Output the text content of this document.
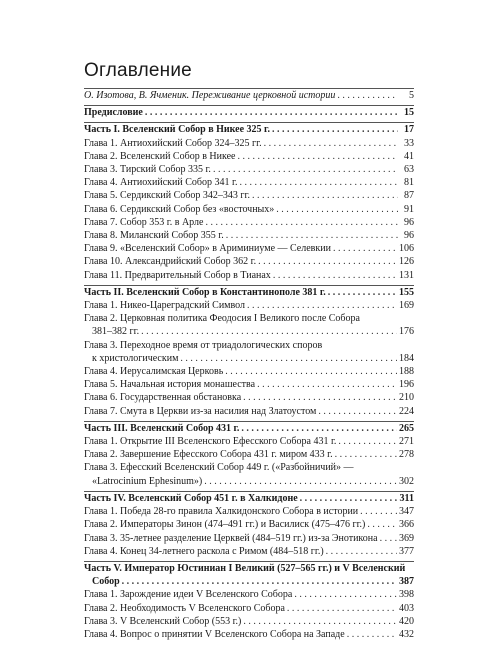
Оглавление
О. Изотова, В. Ячменик. Переживание церковной истории . . .	5
Предисловие . . .	15
Часть I. Вселенский Собор в Никее 325 г. . . .	17
Глава 1. Антиохийский Собор 324–325 гг. . . .	33
Глава 2. Вселенский Собор в Никее . . .	41
Глава 3. Тирский Собор 335 г. . . .	63
Глава 4. Антиохийский Собор 341 г. . . .	81
Глава 5. Сердикский Собор 342–343 гг. . . .	87
Глава 6. Сердикский Собор без «восточных» . . .	91
Глава 7. Собор 353 г. в Арле . . .	96
Глава 8. Миланский Собор 355 г. . . .	96
Глава 9. «Вселенский Собор» в Ариминиуме — Селевкии . . .	106
Глава 10. Александрийский Собор 362 г. . . .	126
Глава 11. Предварительный Собор в Тианах . . .	131
Часть II. Вселенский Собор в Константинополе 381 г. . . .	155
Глава 1. Никео-Цареградский Символ . . .	169
Глава 2. Церковная политика Феодосия I Великого после Собора
381–382 гг. . . .	176
Глава 3. Переходное время от триадологических споров
к христологическим . . .	184
Глава 4. Иерусалимская Церковь . . .	188
Глава 5. Начальная история монашества . . .	196
Глава 6. Государственная обстановка . . .	210
Глава 7. Смута в Церкви из-за насилия над Златоустом . . .	224
Часть III. Вселенский Собор 431 г. . . .	265
Глава 1. Открытие III Вселенского Ефесского Собора 431 г. . . .	271
Глава 2. Завершение Ефесского Собора 431 г. миром 433 г. . . .	278
Глава 3. Ефесский Вселенский Собор 449 г. («Разбойничий» —
«Latrocinium Ephesinum») . . .	302
Часть IV. Вселенский Собор 451 г. в Халкидоне . . .	311
Глава 1. Победа 28-го правила Халкидонского Собора в истории . . .	347
Глава 2. Императоры Зинон (474–491 гг.) и Василиск (475–476 гг.) . . .	366
Глава 3. 35-летнее разделение Церквей (484–519 гг.) из-за Энотикона . . . 369
Глава 4. Конец 34-летнего раскола с Римом (484–518 гг.) . . .	377
Часть V. Император Юстиниан I Великий (527–565 гг.) и V Вселенский
Собор . . .	387
Глава 1. Зарождение идеи V Вселенского Собора . . .	398
Глава 2. Необходимость V Вселенского Собора . . .	403
Глава 3. V Вселенский Собор (553 г.) . . .	420
Глава 4. Вопрос о принятии V Вселенского Собора на Западе . . .	432
